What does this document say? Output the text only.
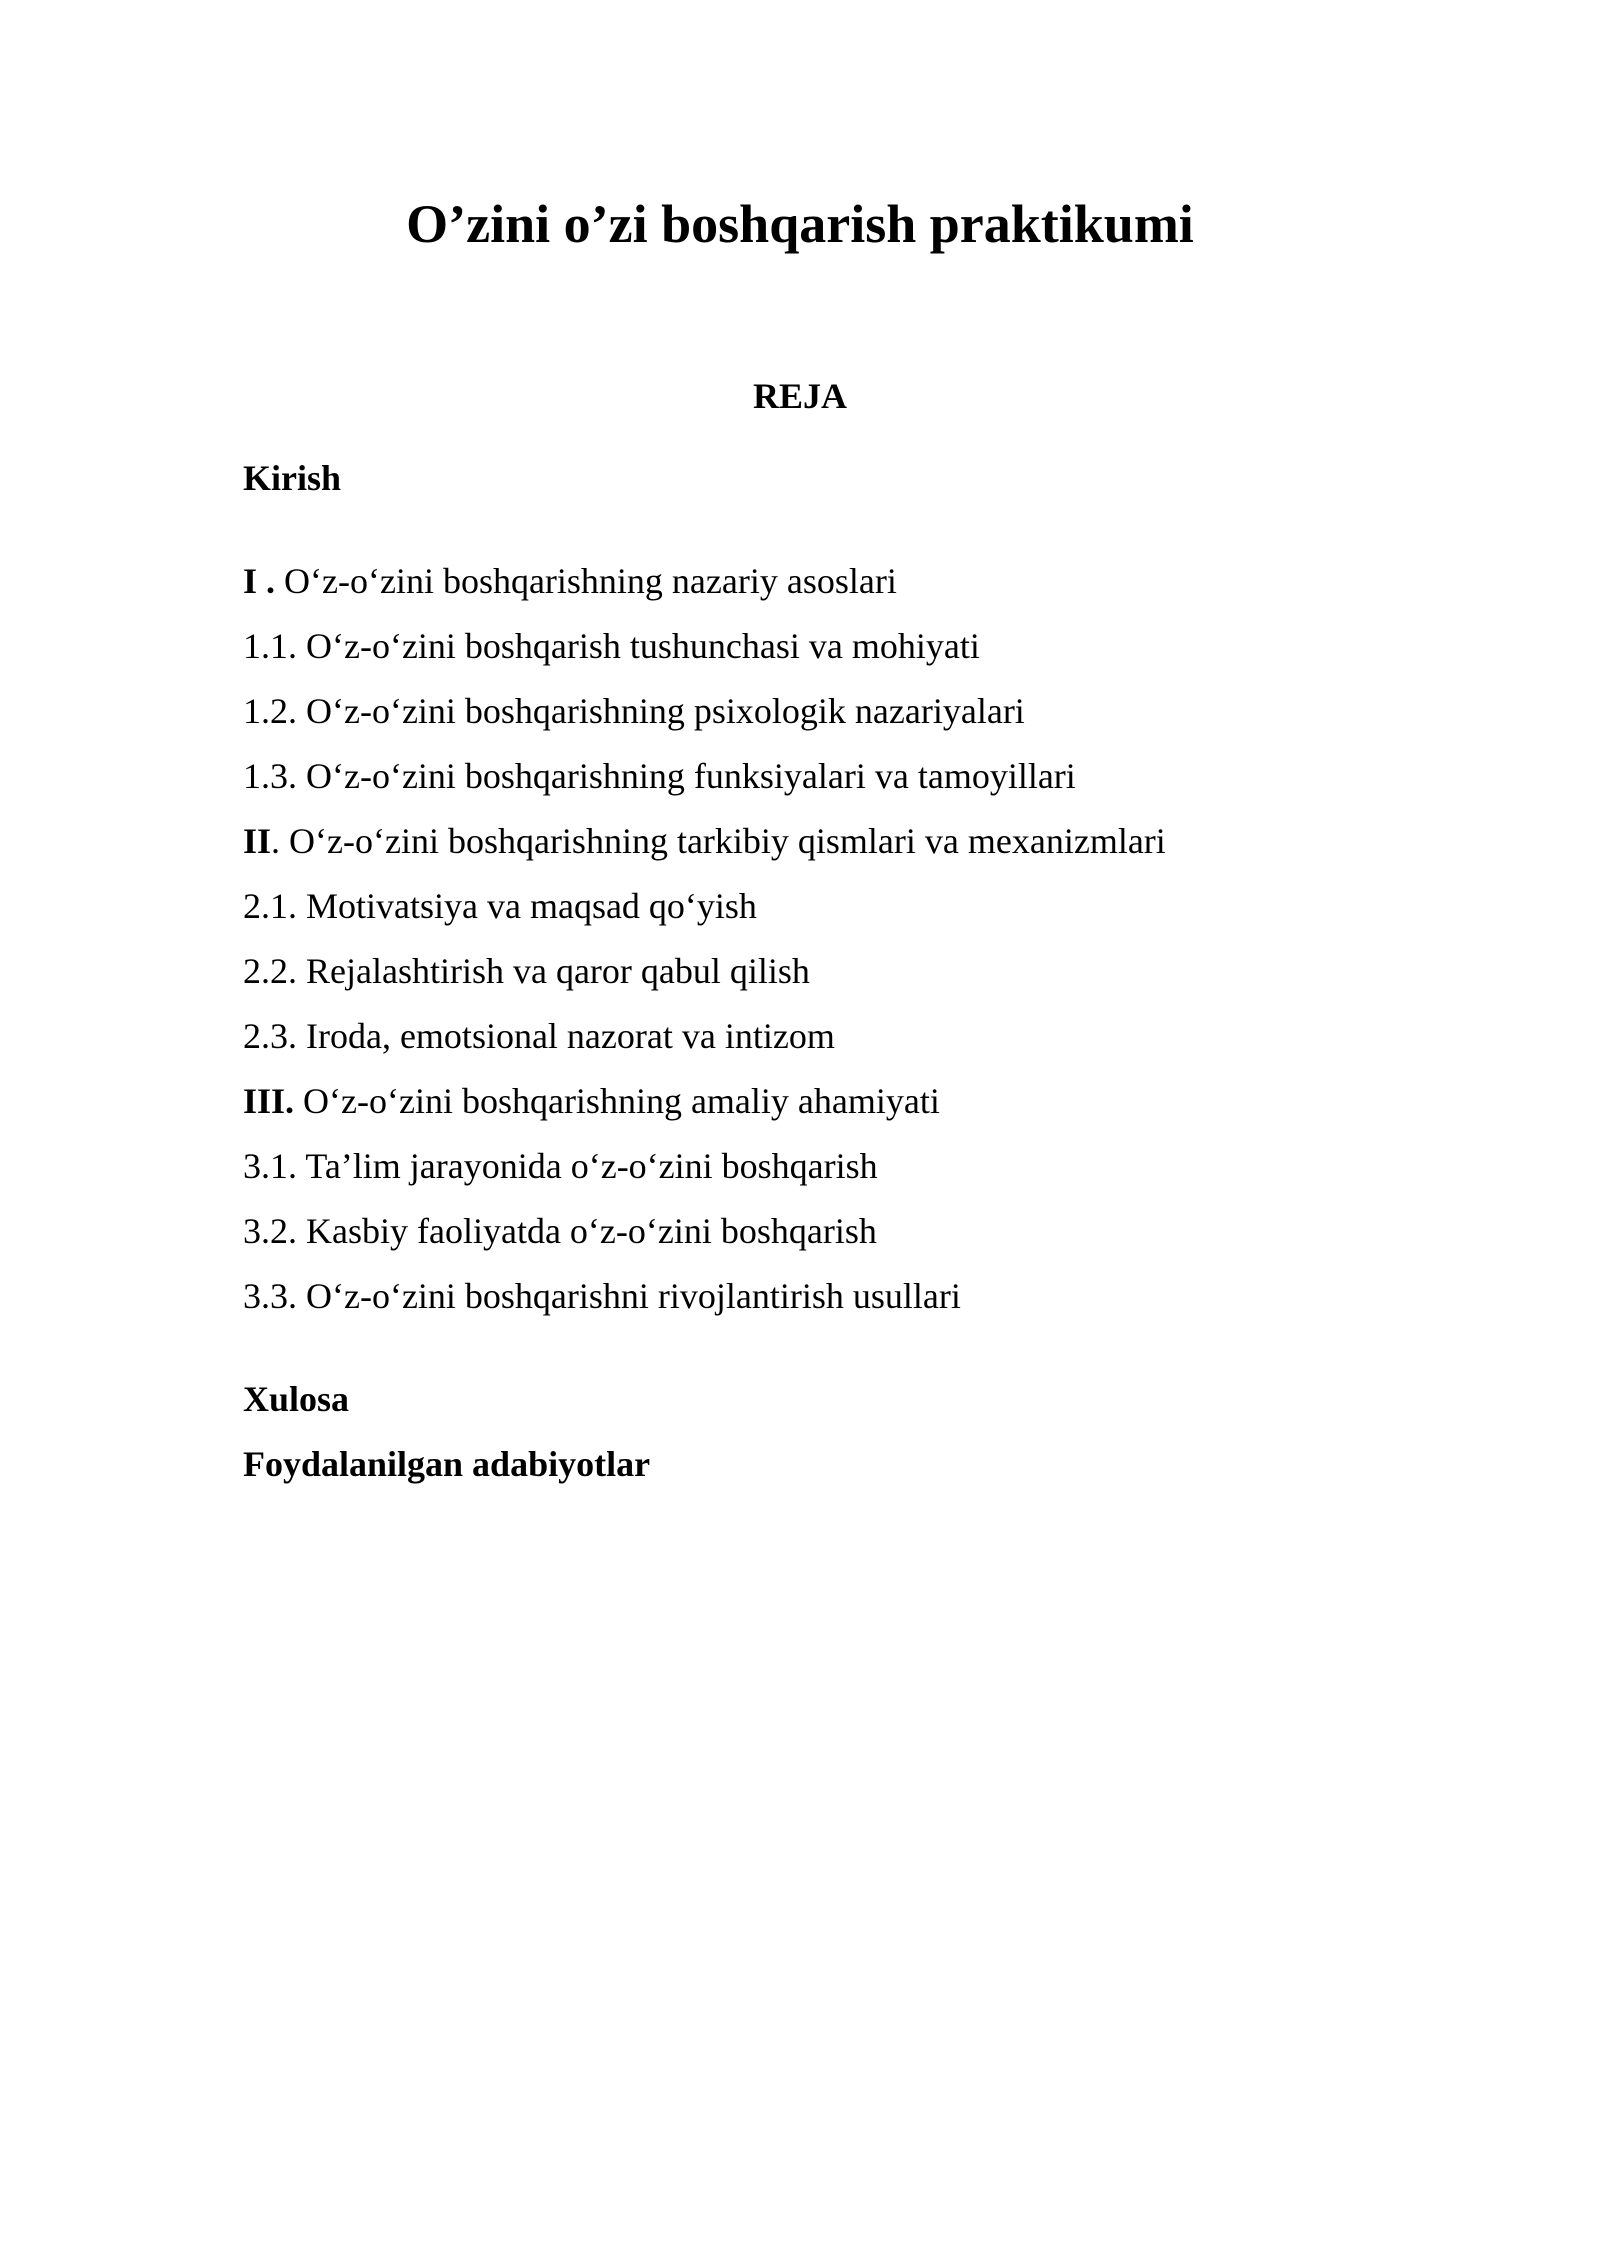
O’zini o’zi boshqarish praktikumi
REJA
Kirish
I . O‘z-o‘zini boshqarishning nazariy asoslari
1.1. O‘z-o‘zini boshqarish tushunchasi va mohiyati
1.2. O‘z-o‘zini boshqarishning psixologik nazariyalari
1.3. O‘z-o‘zini boshqarishning funksiyalari va tamoyillari
II. O‘z-o‘zini boshqarishning tarkibiy qismlari va mexanizmlari
2.1. Motivatsiya va maqsad qo‘yish
2.2. Rejalashtirish va qaror qabul qilish
2.3. Iroda, emotsional nazorat va intizom
III. O‘z-o‘zini boshqarishning amaliy ahamiyati
3.1. Ta’lim jarayonida o‘z-o‘zini boshqarish
3.2. Kasbiy faoliyatda o‘z-o‘zini boshqarish
3.3. O‘z-o‘zini boshqarishni rivojlantirish usullari
Xulosa
Foydalanilgan adabiyotlar
